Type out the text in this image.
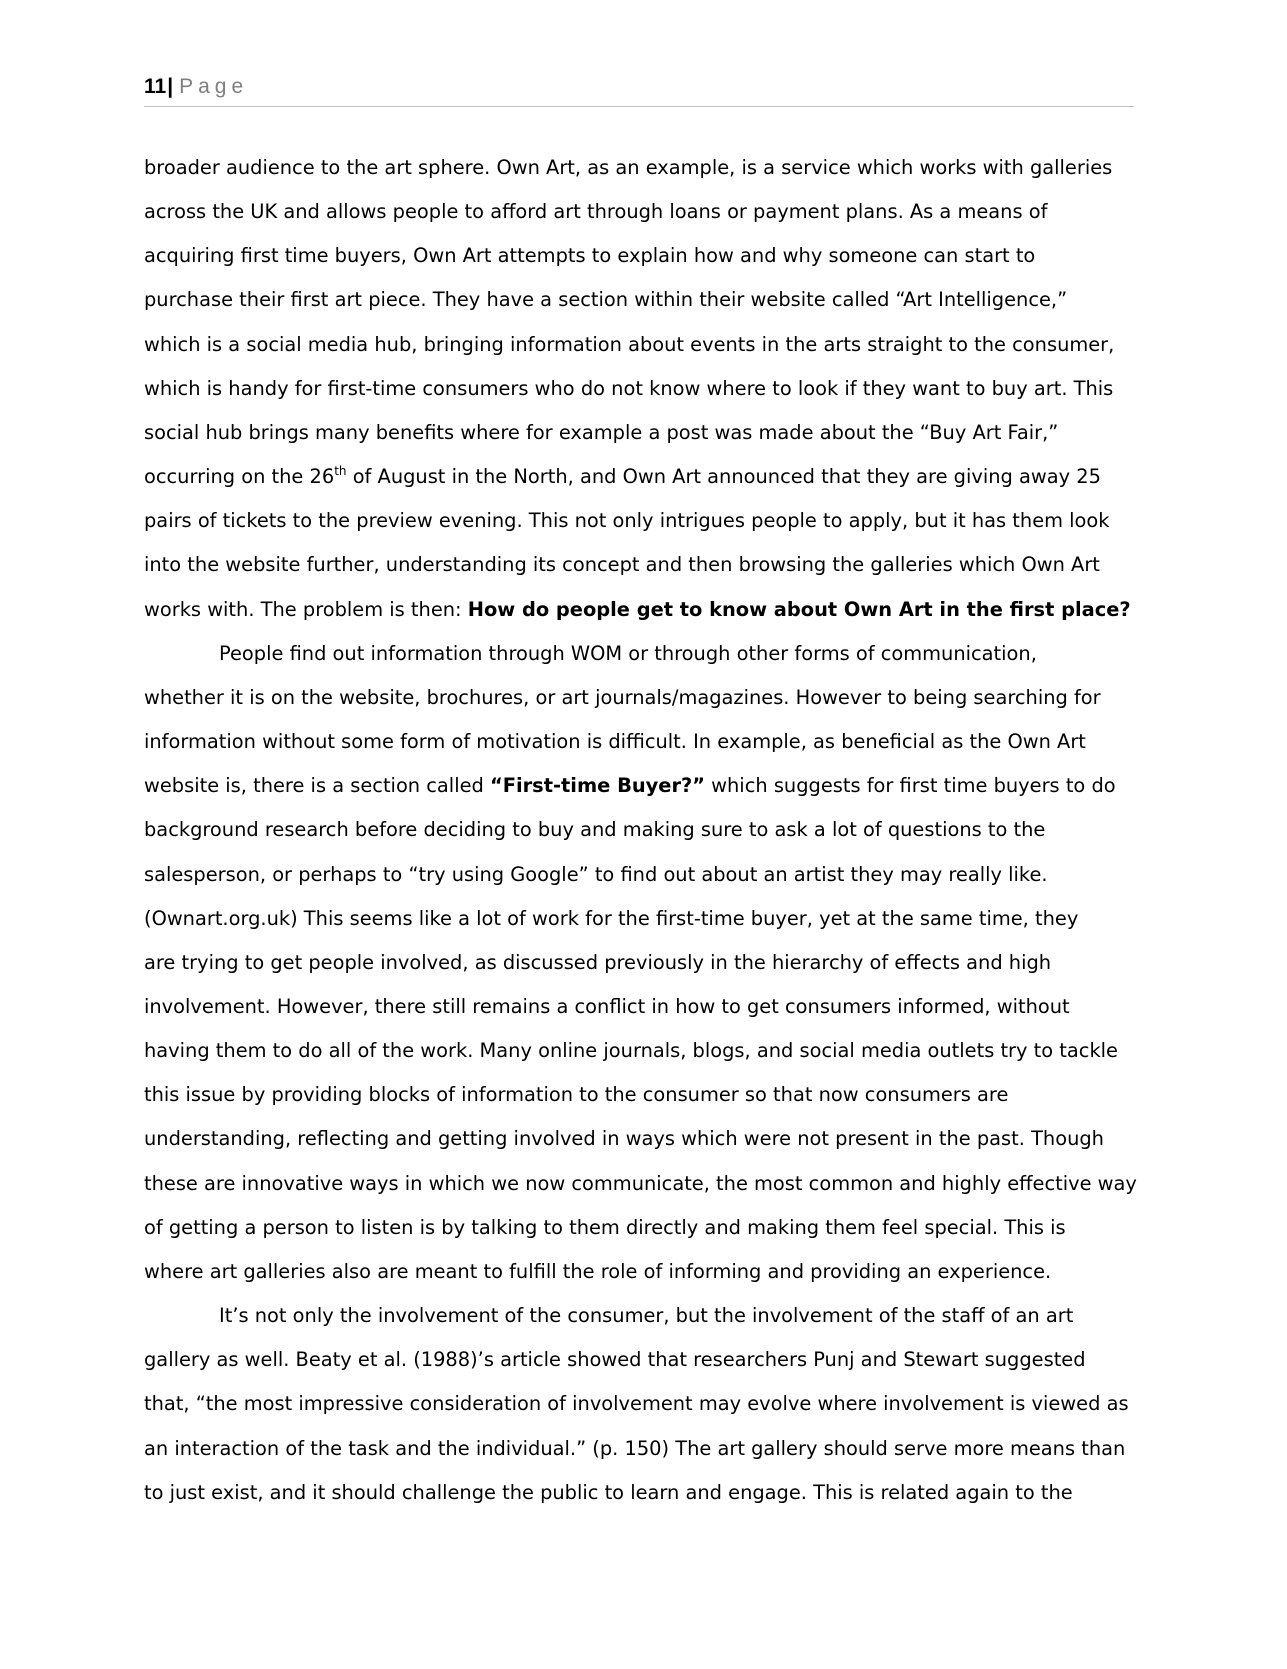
11| Page
broader audience to the art sphere. Own Art, as an example, is a service which works with galleries
across the UK and allows people to afford art through loans or payment plans. As a means of
acquiring first time buyers, Own Art attempts to explain how and why someone can start to
purchase their first art piece. They have a section within their website called “Art Intelligence,”
which is a social media hub, bringing information about events in the arts straight to the consumer,
which is handy for first-time consumers who do not know where to look if they want to buy art. This
social hub brings many benefits where for example a post was made about the “Buy Art Fair,”
occurring on the 26th of August in the North, and Own Art announced that they are giving away 25
pairs of tickets to the preview evening. This not only intrigues people to apply, but it has them look
into the website further, understanding its concept and then browsing the galleries which Own Art
works with. The problem is then: How do people get to know about Own Art in the first place?
People find out information through WOM or through other forms of communication,
whether it is on the website, brochures, or art journals/magazines. However to being searching for
information without some form of motivation is difficult. In example, as beneficial as the Own Art
website is, there is a section called “First-time Buyer?” which suggests for first time buyers to do
background research before deciding to buy and making sure to ask a lot of questions to the
salesperson, or perhaps to “try using Google” to find out about an artist they may really like.
(Ownart.org.uk) This seems like a lot of work for the first-time buyer, yet at the same time, they
are trying to get people involved, as discussed previously in the hierarchy of effects and high
involvement. However, there still remains a conflict in how to get consumers informed, without
having them to do all of the work. Many online journals, blogs, and social media outlets try to tackle
this issue by providing blocks of information to the consumer so that now consumers are
understanding, reflecting and getting involved in ways which were not present in the past. Though
these are innovative ways in which we now communicate, the most common and highly effective way
of getting a person to listen is by talking to them directly and making them feel special. This is
where art galleries also are meant to fulfill the role of informing and providing an experience.
It’s not only the involvement of the consumer, but the involvement of the staff of an art
gallery as well. Beaty et al. (1988)’s article showed that researchers Punj and Stewart suggested
that, “the most impressive consideration of involvement may evolve where involvement is viewed as
an interaction of the task and the individual.” (p. 150) The art gallery should serve more means than
to just exist, and it should challenge the public to learn and engage. This is related again to the
